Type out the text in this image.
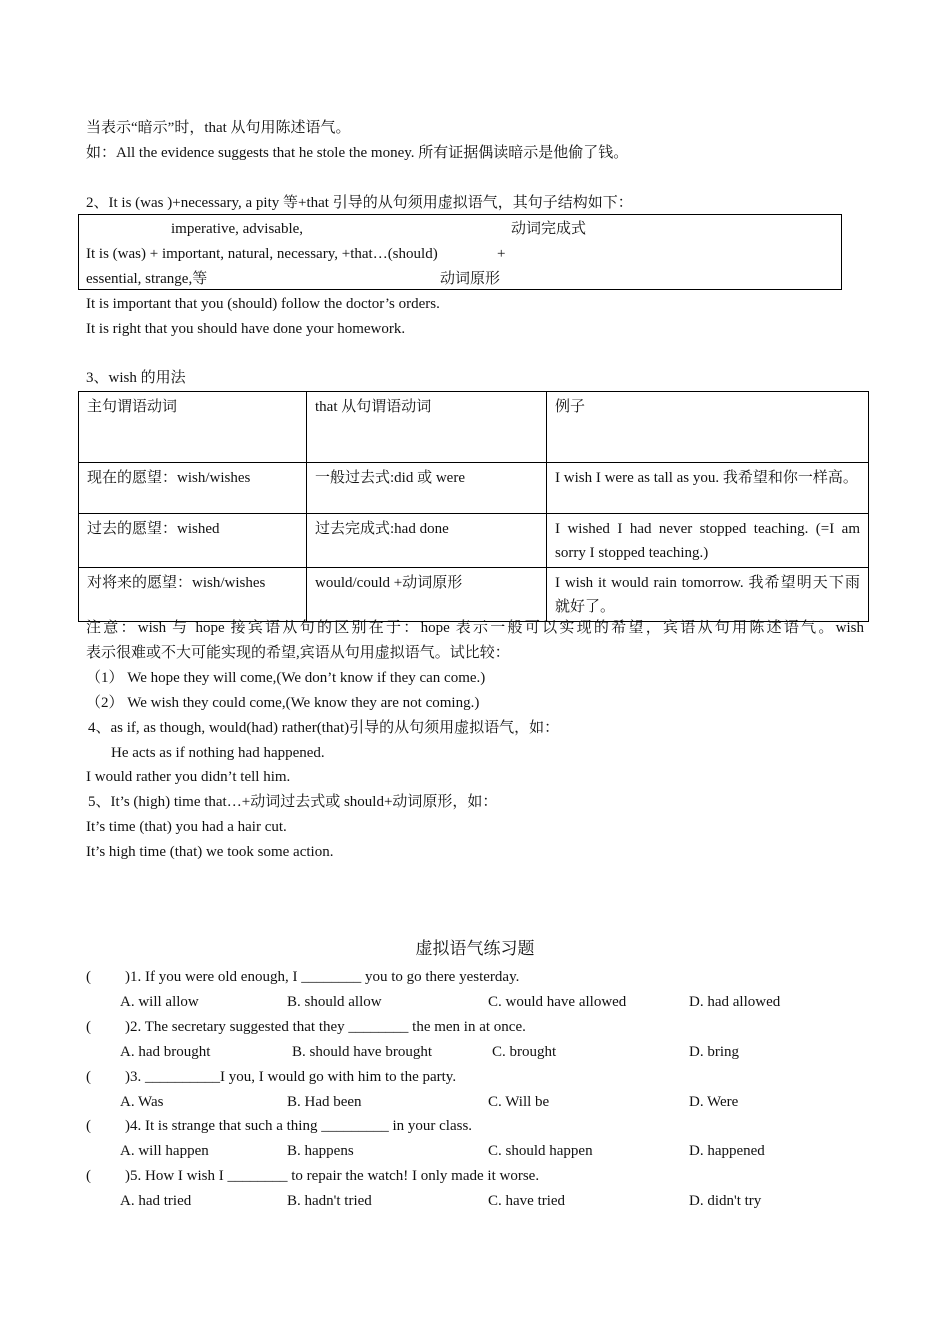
当表示“暗示”时，that 从句用陈述语气。
如：All the evidence suggests that he stole the money. 所有证据偶读暗示是他偷了钱。
2、It is (was )+necessary, a pity 等+that 引导的从句须用虚拟语气，其句子结构如下：
imperative, advisable,	动词完成式
It is (was) + important, natural, necessary, +that…(should)	+
essential, strange,等	动词原形
It is important that you (should) follow the doctor’s orders.
It is right that you should have done your homework.
3、wish 的用法
主句谓语动词	that 从句谓语动词	例子
现在的愿望：wish/wishes	一般过去式:did 或 were	I wish I were as tall as you. 我希望和你一样高。
过去的愿望：wished	过去完成式:had done	I wished I had never stopped teaching. (=I am sorry I stopped teaching.)
对将来的愿望：wish/wishes	would/could +动词原形	I wish it would rain tomorrow. 我希望明天下雨就好了。
注意：wish 与 hope 接宾语从句的区别在于：hope 表示一般可以实现的希望，宾语从句用陈述语气。wish
表示很难或不大可能实现的希望,宾语从句用虚拟语气。试比较：
（1） We hope they will come,(We don’t know if they can come.)
（2） We wish they could come,(We know they are not coming.)
4、as if, as though, would(had) rather(that)引导的从句须用虚拟语气，如：
He acts as if nothing had happened.
I would rather you didn’t tell him.
5、It’s (high) time that…+动词过去式或 should+动词原形，如：
It’s time (that) you had a hair cut.
It’s high time (that) we took some action.
虚拟语气练习题
( )1. If you were old enough, I ________ you to go there yesterday.
A. will allow	B. should allow	C. would have allowed	D. had allowed
( )2. The secretary suggested that they ________ the men in at once.
A. had brought	B. should have brought	C. brought	D. bring
( )3. __________I you, I would go with him to the party.
A. Was	B. Had been	C. Will be	D. Were
( )4. It is strange that such a thing _________ in your class.
A. will happen	B. happens	C. should happen	D. happened
( )5. How I wish I ________ to repair the watch! I only made it worse.
A. had tried	B. hadn't tried	C. have tried	D. didn't try
